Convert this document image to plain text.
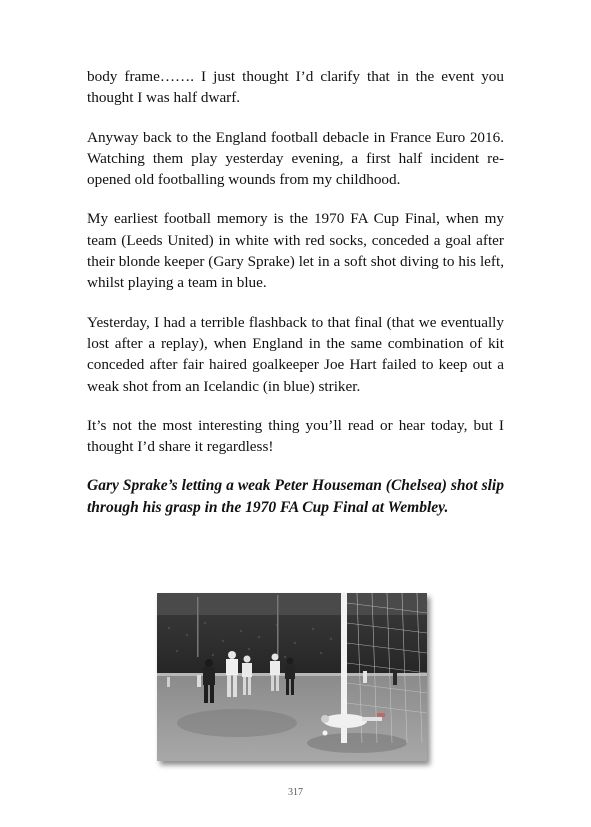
body frame……. I just thought I’d clarify that in the event you thought I was half dwarf.

Anyway back to the England football debacle in France Euro 2016. Watching them play yesterday evening, a first half incident re-opened old footballing wounds from my childhood.

My earliest football memory is the 1970 FA Cup Final, when my team (Leeds United) in white with red socks, conceded a goal after their blonde keeper (Gary Sprake) let in a soft shot diving to his left, whilst playing a team in blue.

Yesterday, I had a terrible flashback to that final (that we eventually lost after a replay), when England in the same combination of kit conceded after fair haired goalkeeper Joe Hart failed to keep out a weak shot from an Icelandic (in blue) striker.

It’s not the most interesting thing you’ll read or hear today, but I thought I’d share it regardless!

Gary Sprake’s letting a weak Peter Houseman (Chelsea) shot slip through his grasp in the 1970 FA Cup Final at Wembley.

317
